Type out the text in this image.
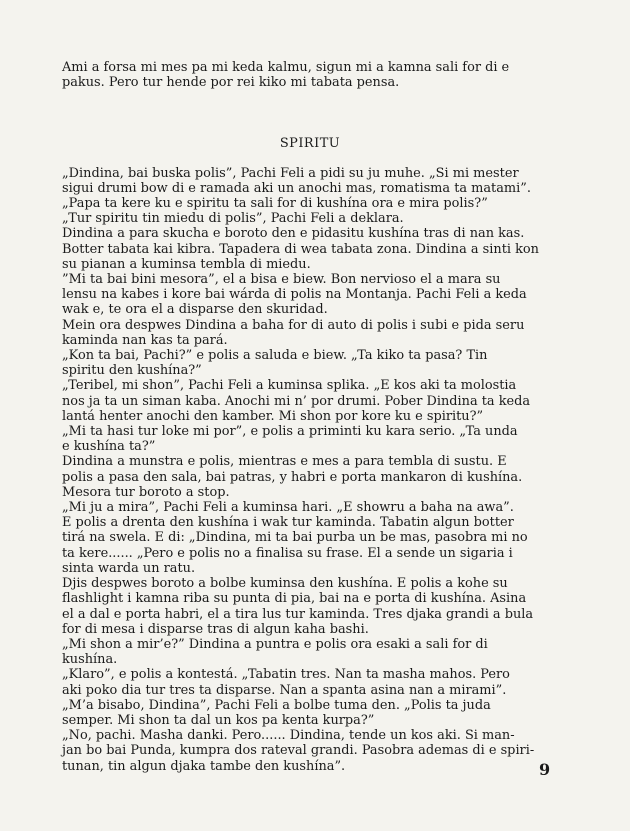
Ami a forsa mi mes pa mi keda kalmu, sigun mi a kamna sali for di e
pakus. Pero tur hende por rei kiko mi tabata pensa.

SPIRITU

„Dindina, bai buska polis”, Pachi Feli a pidi su ju muhe. „Si mi mester
sigui drumi bow di e ramada aki un anochi mas, romatisma ta matami”.

„Papa ta kere ku e spiritu ta sali for di kushína ora e mira polis?”

„Tur spiritu tin miedu di polis”, Pachi Feli a deklara.

Dindina a para skucha e boroto den e pidasitu kushína tras di nan kas.
Botter tabata kai kibra. Tapadera di wea tabata zona. Dindina a sinti kon
su pianan a kuminsa tembla di miedu.

”Mi ta bai bini mesora”, el a bisa e biew. Bon nervioso el a mara su
lensu na kabes i kore bai wárda di polis na Montanja. Pachi Feli a keda
wak e, te ora el a disparse den skuridad.

Mein ora despwes Dindina a baha for di auto di polis i subi e pida seru
kaminda nan kas ta pará.

„Kon ta bai, Pachi?” e polis a saluda e biew. „Ta kiko ta pasa? Tin
spiritu den kushína?”

„Teribel, mi shon”, Pachi Feli a kuminsa splika. „E kos aki ta molostia
nos ja ta un siman kaba. Anochi mi n’ por drumi. Pober Dindina ta keda
lantá henter anochi den kamber. Mi shon por kore ku e spiritu?”

„Mi ta hasi tur loke mi por”, e polis a priminti ku kara serio. „Ta unda
e kushína ta?”

Dindina a munstra e polis, mientras e mes a para tembla di sustu. E
polis a pasa den sala, bai patras, y habri e porta mankaron di kushína.
Mesora tur boroto a stop.

„Mi ju a mira”, Pachi Feli a kuminsa hari. „E showru a baha na awa”.

E polis a drenta den kushína i wak tur kaminda. Tabatin algun botter
tirá na swela. E di: „Dindina, mi ta bai purba un be mas, pasobra mi no
ta kere...... „Pero e polis no a finalisa su frase. El a sende un sigaria i
sinta warda un ratu.

Djis despwes boroto a bolbe kuminsa den kushína. E polis a kohe su
flashlight i kamna riba su punta di pia, bai na e porta di kushína. Asina
el a dal e porta habri, el a tira lus tur kaminda. Tres djaka grandi a bula
for di mesa i disparse tras di algun kaha bashi.

„Mi shon a mir’e?” Dindina a puntra e polis ora esaki a sali for di
kushína.

„Klaro”, e polis a kontestá. „Tabatin tres. Nan ta masha mahos. Pero
aki poko dia tur tres ta disparse. Nan a spanta asina nan a mirami”.

„M’a bisabo, Dindina”, Pachi Feli a bolbe tuma den. „Polis ta juda
semper. Mi shon ta dal un kos pa kenta kurpa?”

„No, pachi. Masha danki. Pero...... Dindina, tende un kos aki. Si man-
jan bo bai Punda, kumpra dos rateval grandi. Pasobra ademas di e spiri-
tunan, tin algun djaka tambe den kushína”.	9
